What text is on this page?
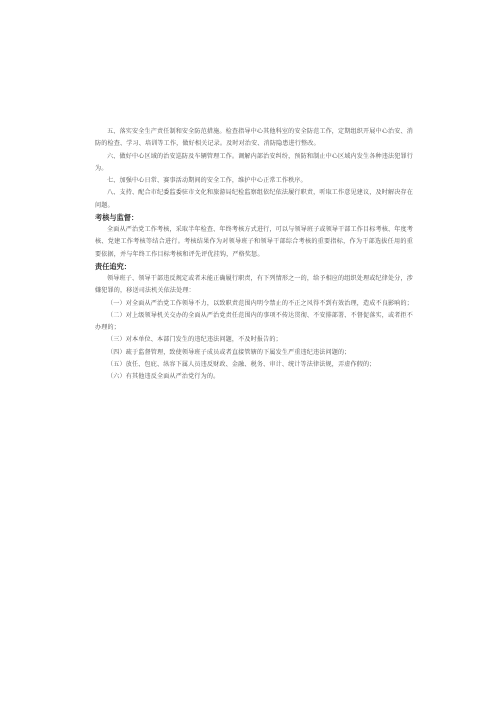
五、落实安全生产责任制和安全防范措施。检查指导中心其他科室的安全防范工作，定期组织开展中心治安、消防的检查、学习、培训等工作，做好相关记录。及时对治安、消防隐患进行整改。

六、做好中心区域的治安巡防及车辆管理工作。调解内部治安纠纷，预防和制止中心区域内发生各种违法犯罪行为。

七、加强中心日常、赛事活动期间的安全工作，维护中心正常工作秩序。

八、支持、配合市纪委监委驻市文化和旅游局纪检监察组依纪依法履行职责，听取工作意见建议，及时解决存在问题。

考核与监督：

全面从严治党工作考核，采取半年检查、年终考核方式进行，可以与领导班子或领导干部工作目标考核、年度考核、党建工作考核等结合进行。考核结果作为对领导班子和领导干部综合考核的重要指标，作为干部选拔任用的重要依据，并与年终工作目标考核和评先评优挂钩，严格奖惩。

责任追究：

领导班子、领导干部违反规定或者未能正确履行职责，有下列情形之一的，给予相应的组织处理或纪律处分，涉嫌犯罪的，移送司法机关依法处理：

（一）对全面从严治党工作领导不力，以致职责范围内明令禁止的不正之风得不到有效治理，造成不良影响的；

（二）对上级领导机关交办的全面从严治党责任范围内的事项不传达贯彻、不安排部署、不督促落实，或者拒不办理的；

（三）对本单位、本部门发生的违纪违法问题，不及时报告的；

（四）疏于监督管理，致使领导班子成员或者直接管辖的下属发生严重违纪违法问题的；

（五）放任、包庇、纵容下属人员违反财政、金融、税务、审计、统计等法律法规，弄虚作假的；

（六）有其他违反全面从严治党行为的。
